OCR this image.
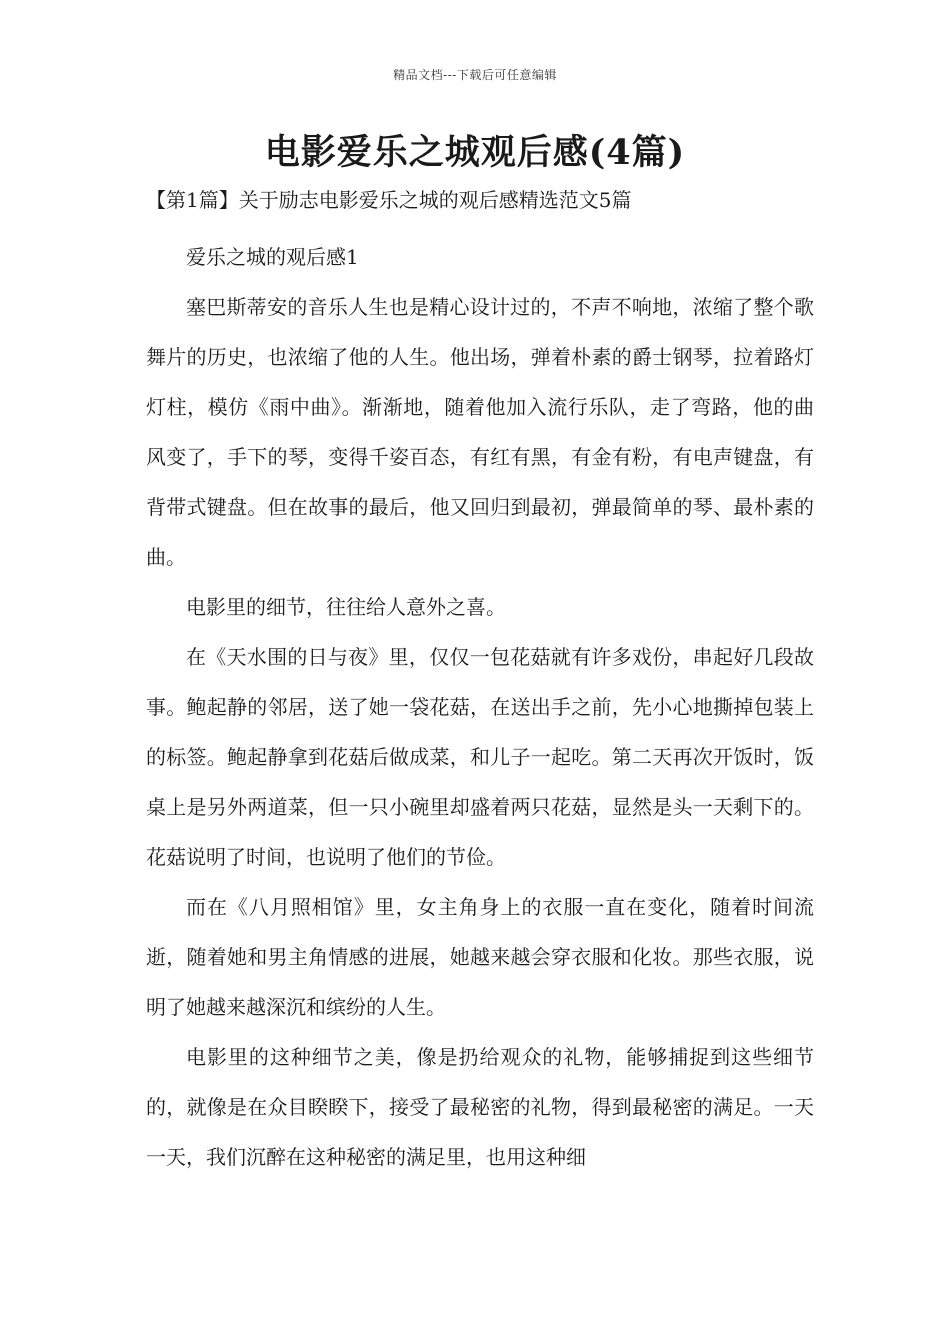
精品文档---下载后可任意编辑
电影爱乐之城观后感(4篇)
【第1篇】关于励志电影爱乐之城的观后感精选范文5篇

爱乐之城的观后感1

塞巴斯蒂安的音乐人生也是精心设计过的，不声不响地，浓缩了整个歌舞片的历史，也浓缩了他的人生。他出场，弹着朴素的爵士钢琴，拉着路灯灯柱，模仿《雨中曲》。渐渐地，随着他加入流行乐队，走了弯路，他的曲风变了，手下的琴，变得千姿百态，有红有黑，有金有粉，有电声键盘，有背带式键盘。但在故事的最后，他又回归到最初，弹最简单的琴、最朴素的曲。

电影里的细节，往往给人意外之喜。

在《天水围的日与夜》里，仅仅一包花菇就有许多戏份，串起好几段故事。鲍起静的邻居，送了她一袋花菇，在送出手之前，先小心地撕掉包装上的标签。鲍起静拿到花菇后做成菜，和儿子一起吃。第二天再次开饭时，饭桌上是另外两道菜，但一只小碗里却盛着两只花菇，显然是头一天剩下的。花菇说明了时间，也说明了他们的节俭。

而在《八月照相馆》里，女主角身上的衣服一直在变化，随着时间流逝，随着她和男主角情感的进展，她越来越会穿衣服和化妆。那些衣服，说明了她越来越深沉和缤纷的人生。

电影里的这种细节之美，像是扔给观众的礼物，能够捕捉到这些细节的，就像是在众目睽睽下，接受了最秘密的礼物，得到最秘密的满足。一天一天，我们沉醉在这种秘密的满足里，也用这种细
